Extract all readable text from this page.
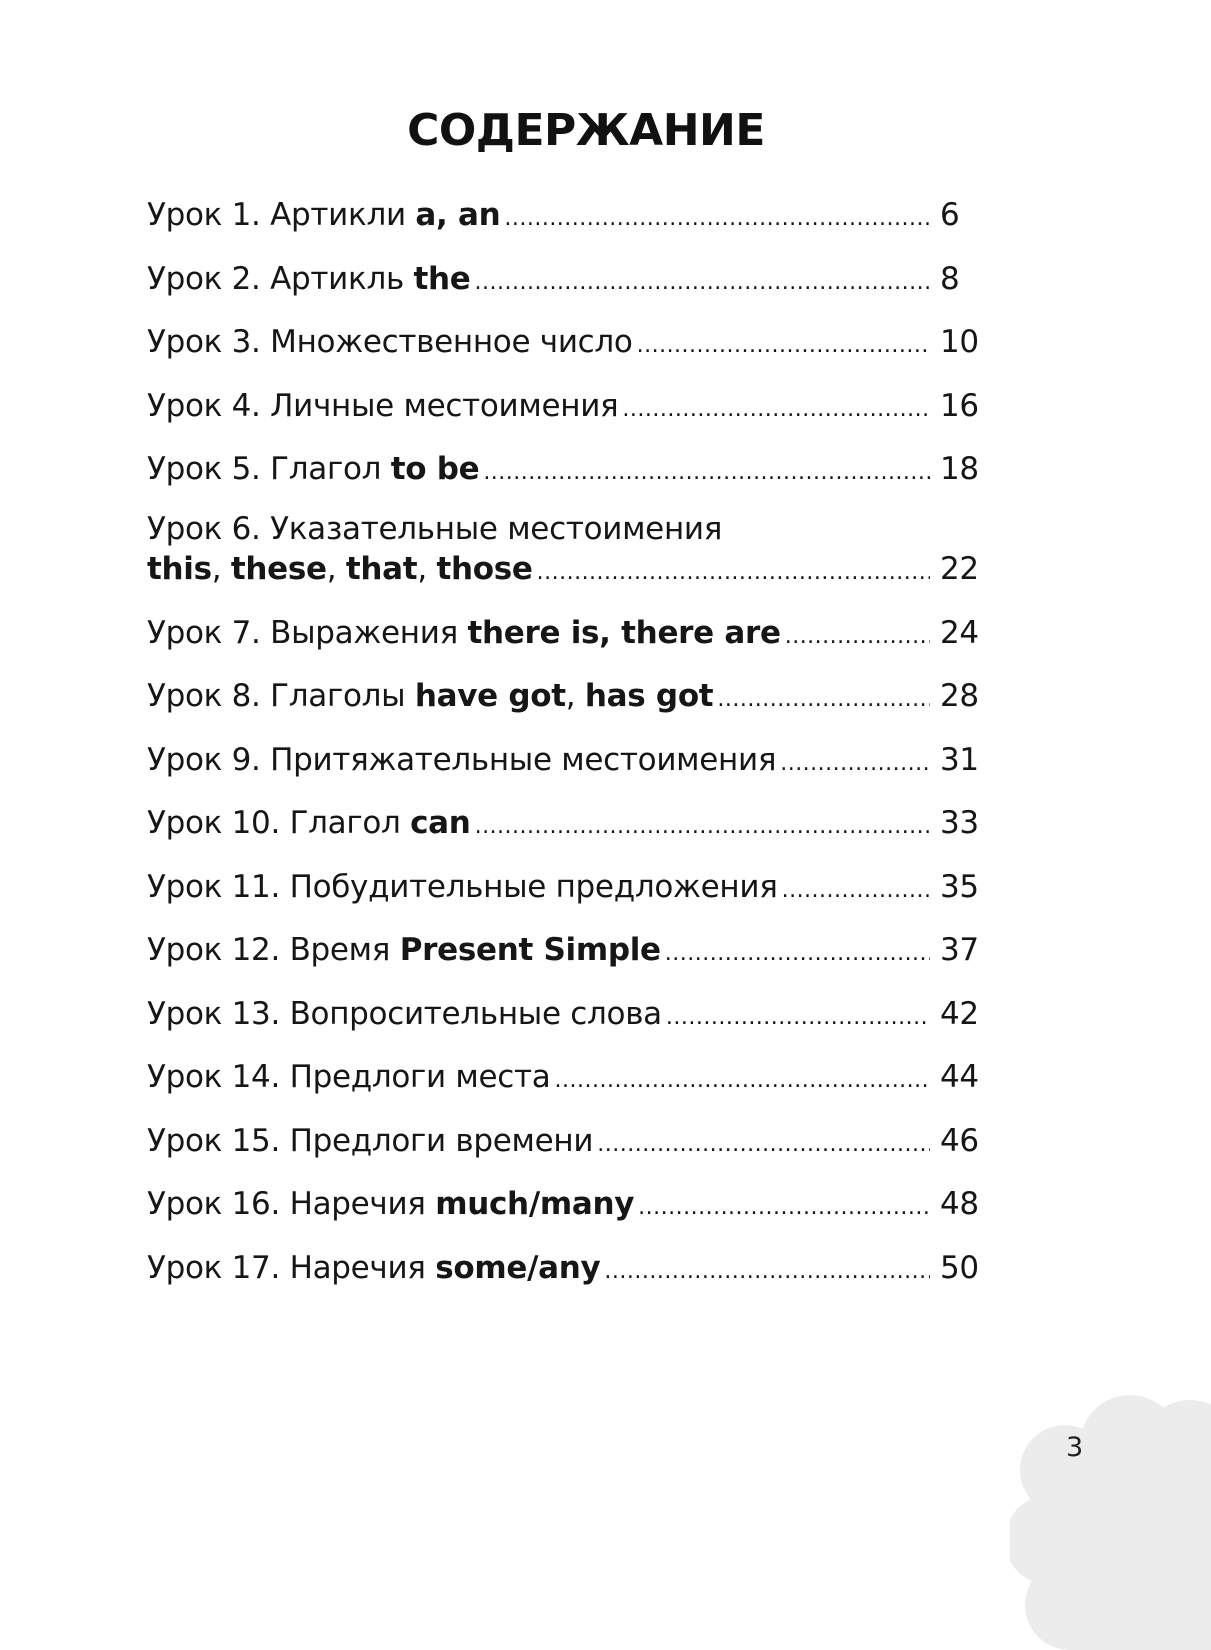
СОДЕРЖАНИЕ
Урок 1. Артикли a, an .....	6
Урок 2. Артикль the .....	8
Урок 3. Множественное число .....	10
Урок 4. Личные местоимения .....	16
Урок 5. Глагол to be .....	18
Урок 6. Указательные местоимения
this, these, that, those .....	22
Урок 7. Выражения there is, there are .....	24
Урок 8. Глаголы have got, has got .....	28
Урок 9. Притяжательные местоимения .....	31
Урок 10. Глагол can .....	33
Урок 11. Побудительные предложения .....	35
Урок 12. Время Present Simple .....	37
Урок 13. Вопросительные слова .....	42
Урок 14. Предлоги места .....	44
Урок 15. Предлоги времени .....	46
Урок 16. Наречия much/many .....	48
Урок 17. Наречия some/any .....	50
3
